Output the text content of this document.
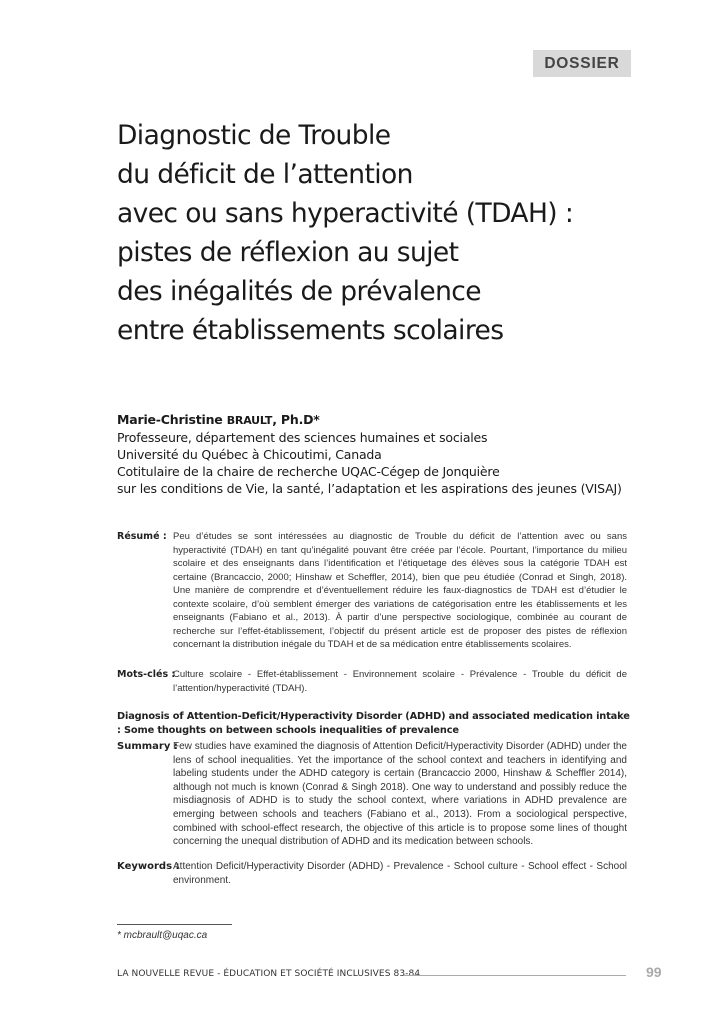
DOSSIER
Diagnostic de Trouble
du déficit de l’attention
avec ou sans hyperactivité (TDAH) :
pistes de réflexion au sujet
des inégalités de prévalence
entre établissements scolaires
Marie-Christine BRAULT, Ph.D*
Professeure, département des sciences humaines et sociales
Université du Québec à Chicoutimi, Canada
Cotitulaire de la chaire de recherche UQAC-Cégep de Jonquière
sur les conditions de Vie, la santé, l’adaptation et les aspirations des jeunes (VISAJ)
Résumé : Peu d’études se sont intéressées au diagnostic de Trouble du déficit de l’attention avec ou sans hyperactivité (TDAH) en tant qu’inégalité pouvant être créée par l’école. Pourtant, l’importance du milieu scolaire et des enseignants dans l’identification et l’étiquetage des élèves sous la catégorie TDAH est certaine (Brancaccio, 2000; Hinshaw et Scheffler, 2014), bien que peu étudiée (Conrad et Singh, 2018). Une manière de comprendre et d’éventuellement réduire les faux-diagnostics de TDAH est d’étudier le contexte scolaire, d’où semblent émerger des variations de catégorisation entre les établissements et les enseignants (Fabiano et al., 2013). À partir d’une perspective sociologique, combinée au courant de recherche sur l’effet-établissement, l’objectif du présent article est de proposer des pistes de réflexion concernant la distribution inégale du TDAH et de sa médication entre établissements scolaires.

Mots-clés :

Culture scolaire - Effet-établissement - Environnement scolaire - Prévalence - Trouble du déficit de l’attention/hyperactivité (TDAH).

Diagnosis of Attention-Deficit/Hyperactivity Disorder (ADHD) and associated medication intake : Some thoughts on between schools inequalities of prevalence

Summary :

Few studies have examined the diagnosis of Attention Deficit/Hyperactivity Disorder (ADHD) under the lens of school inequalities. Yet the importance of the school context and teachers in identifying and labeling students under the ADHD category is certain (Brancaccio 2000, Hinshaw & Scheffler 2014), although not much is known (Conrad & Singh 2018). One way to understand and possibly reduce the misdiagnosis of ADHD is to study the school context, where variations in ADHD prevalence are emerging between schools and teachers (Fabiano et al., 2013). From a sociological perspective, combined with school-effect research, the objective of this article is to propose some lines of thought concerning the unequal distribution of ADHD and its medication between schools.

Keywords :

Attention Deficit/Hyperactivity Disorder (ADHD) - Prevalence - School culture - School effect - School environment.

* mcbrault@uqac.ca
LA NOUVELLE REVUE - ÉDUCATION ET SOCIÉTÉ INCLUSIVES 83-84	99
